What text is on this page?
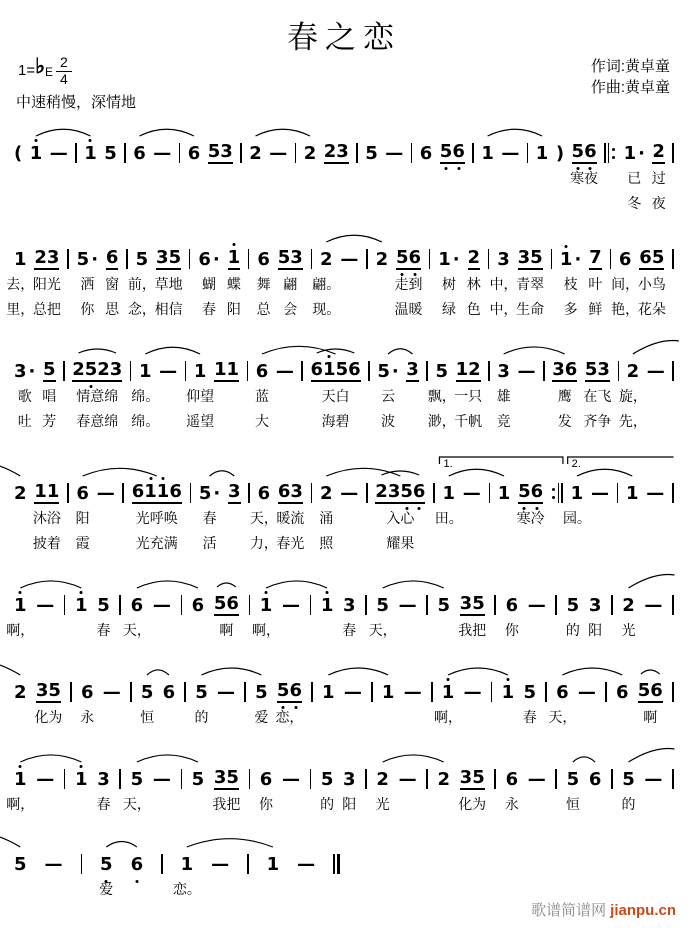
春之恋
1=♭E $\frac{2}{4}$	作词:黄卓童
作曲:黄卓童
中速稍慢，深情地
( 1 — 1 5 6 — 6 5 3 2 — 2 2 3 5 — 6 5 6 1 — 1 ) 5 6 1 · 2
寒夜 已 过
冬 夜
1 2 3 5 · 6 5 3 5 6 · 1 6 5 3 2 — 2 5 6 1 · 2 3 3 5 1 · 7 6 6 5
去，
阳光 洒 窗 前，
草地 蝴 蝶 舞 翩 翩。	走到 树 林 中，
青翠 枝 叶 间，
小鸟
里，
总把 你 思 念，
相信 春 阳 总 会 现。	温暖 绿 色 中，
生命 多 鲜 艳，
花朵
3 · 5 2 5 2 3 1 — 1 1 1 6 — 6 1 5 6 5 · 3 5 1 2 3 — 3 6 5 3 2 —
歌 唱 情意绵 绵。 仰望	蓝	天白 云 飘，
一只 雄	鹰 在飞 旋，
吐 芳 春意绵 绵。 遥望	大	海碧 波 渺，
千帆 竞	发 齐争 先，
2 1 1 6 — 6 1 1 6 5 · 3 6 6 3 2 — 2 3 5 6 1 — 1 5 6 1 — 1 —
沐浴 阳	光呼唤 春 天，
暖流 涌	入心 田。	寒冷 园。
披着 霞	光充满 活 力，
春光 照	耀果
1.	2.
1 — 1 5 6 — 6 5 6 1 — 1 3 5 — 5 3 5 6 — 5 3 2 —
啊，	春 天，	啊 啊，	春 天，	我把 你	的 阳 光
2 3 5 6 — 5 6 5 — 5 5 6 1 — 1 — 1 — 1 5 6 — 6 5 6
化为 永	恒	的	爱 恋，	啊，	春 天，	啊
1 — 1 3 5 — 5 3 5 6 — 5 3 2 — 2 3 5 6 — 5 6 5 —
啊，	春 天，	我把 你	的 阳 光	化为 永	恒	的
5 — 5 6 1 — 1 —
爱	恋。
歌谱简谱网 jianpu.cn
